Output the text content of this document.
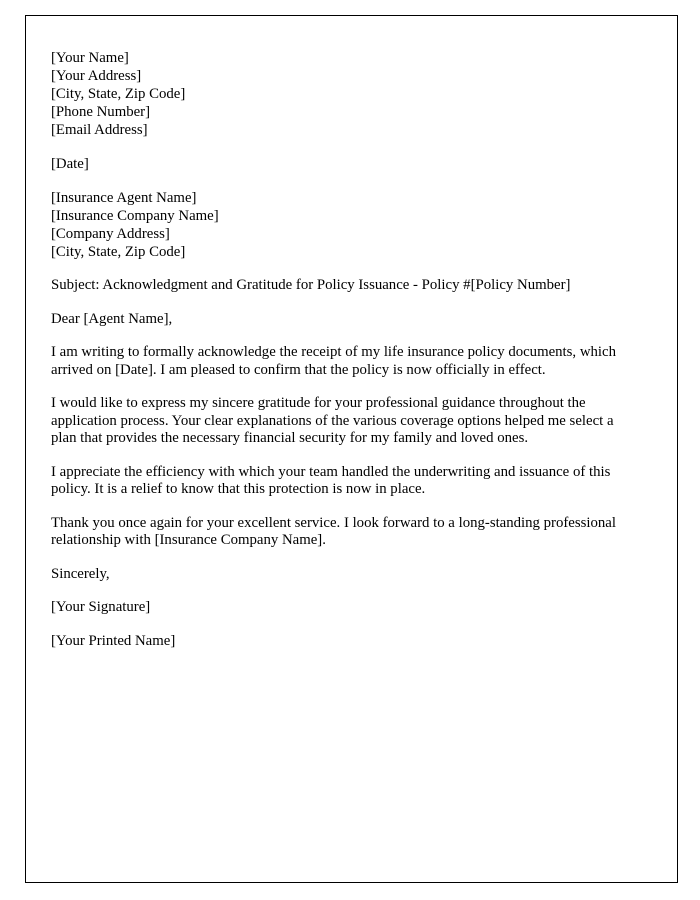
[Your Name]
[Your Address]
[City, State, Zip Code]
[Phone Number]
[Email Address]
[Date]
[Insurance Agent Name]
[Insurance Company Name]
[Company Address]
[City, State, Zip Code]
Subject: Acknowledgment and Gratitude for Policy Issuance - Policy #[Policy Number]
Dear [Agent Name],
I am writing to formally acknowledge the receipt of my life insurance policy documents, which arrived on [Date]. I am pleased to confirm that the policy is now officially in effect.
I would like to express my sincere gratitude for your professional guidance throughout the application process. Your clear explanations of the various coverage options helped me select a plan that provides the necessary financial security for my family and loved ones.
I appreciate the efficiency with which your team handled the underwriting and issuance of this policy. It is a relief to know that this protection is now in place.
Thank you once again for your excellent service. I look forward to a long-standing professional relationship with [Insurance Company Name].
Sincerely,
[Your Signature]
[Your Printed Name]
